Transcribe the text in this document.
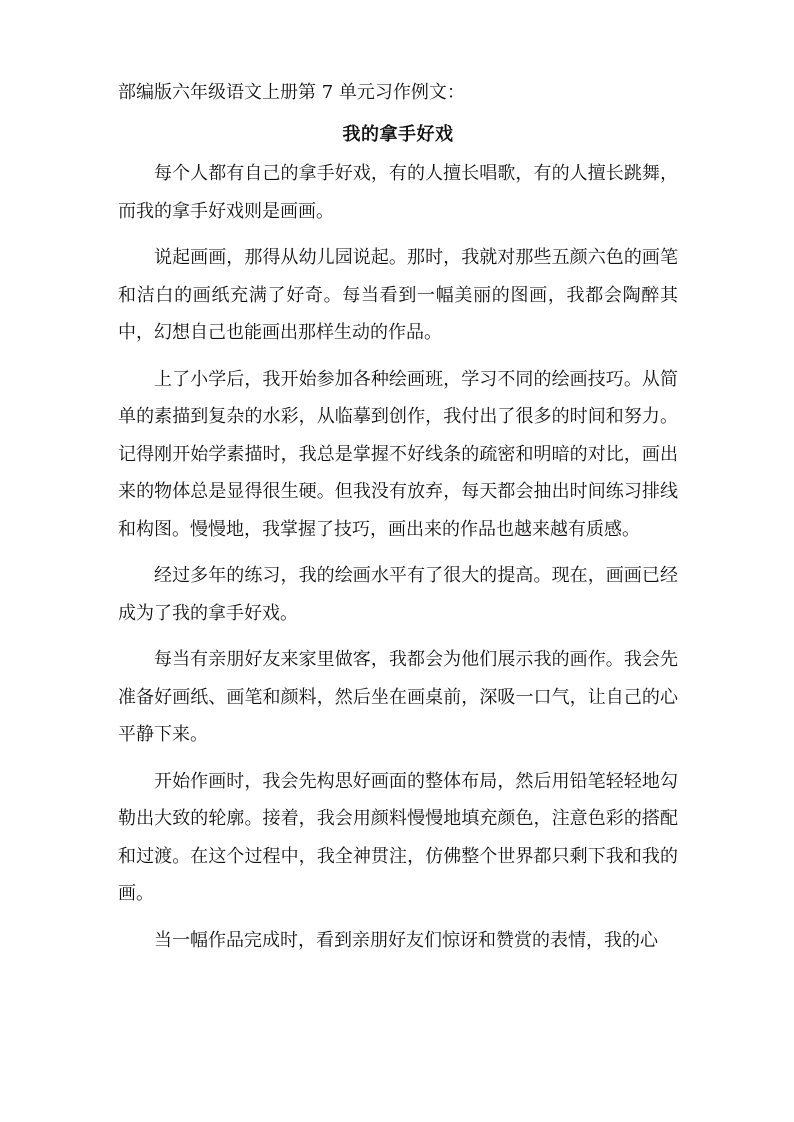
部编版六年级语文上册第 7 单元习作例文：

我的拿手好戏

每个人都有自己的拿手好戏，有的人擅长唱歌，有的人擅长跳舞，而我的拿手好戏则是画画。

说起画画，那得从幼儿园说起。那时，我就对那些五颜六色的画笔和洁白的画纸充满了好奇。每当看到一幅美丽的图画，我都会陶醉其中，幻想自己也能画出那样生动的作品。

上了小学后，我开始参加各种绘画班，学习不同的绘画技巧。从简单的素描到复杂的水彩，从临摹到创作，我付出了很多的时间和努力。记得刚开始学素描时，我总是掌握不好线条的疏密和明暗的对比，画出来的物体总是显得很生硬。但我没有放弃，每天都会抽出时间练习排线和构图。慢慢地，我掌握了技巧，画出来的作品也越来越有质感。

经过多年的练习，我的绘画水平有了很大的提高。现在，画画已经成为了我的拿手好戏。

每当有亲朋好友来家里做客，我都会为他们展示我的画作。我会先准备好画纸、画笔和颜料，然后坐在画桌前，深吸一口气，让自己的心平静下来。

开始作画时，我会先构思好画面的整体布局，然后用铅笔轻轻地勾勒出大致的轮廓。接着，我会用颜料慢慢地填充颜色，注意色彩的搭配和过渡。在这个过程中，我全神贯注，仿佛整个世界都只剩下我和我的画。

当一幅作品完成时，看到亲朋好友们惊讶和赞赏的表情，我的心
